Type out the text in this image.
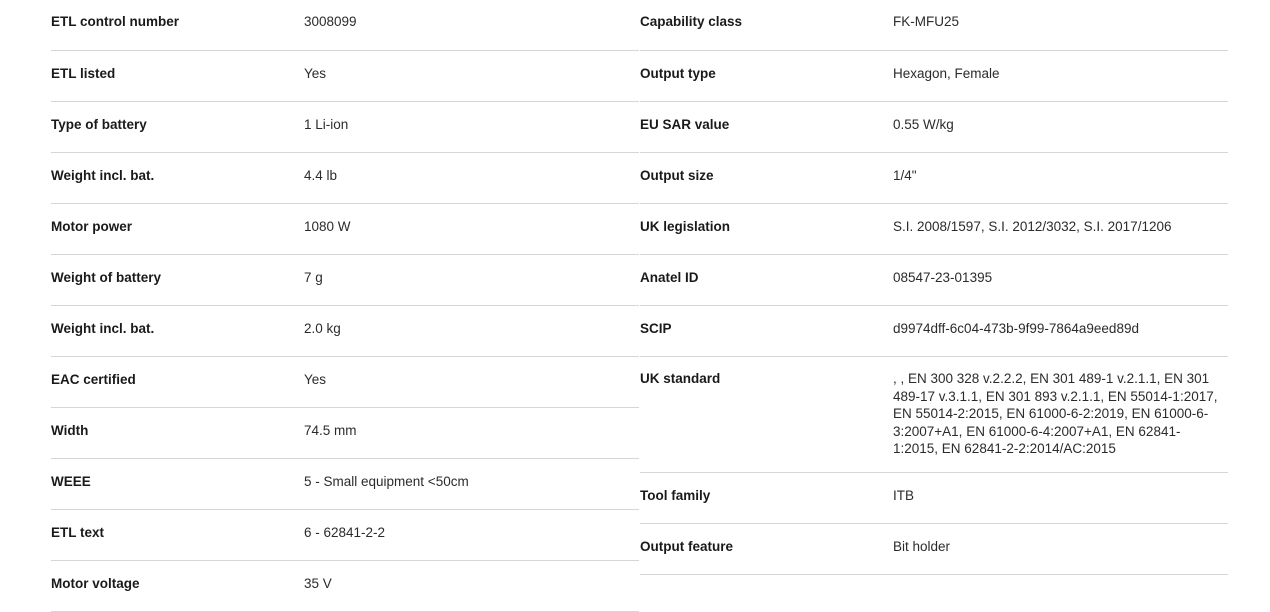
ETL control number	3008099
ETL listed	Yes
Type of battery	1 Li-ion
Weight incl. bat.	4.4 lb
Motor power	1080 W
Weight of battery	7 g
Weight incl. bat.	2.0 kg
EAC certified	Yes
Width	74.5 mm
WEEE	5 - Small equipment <50cm
ETL text	6 - 62841-2-2
Motor voltage	35 V
Capability class	FK-MFU25
Output type	Hexagon, Female
EU SAR value	0.55 W/kg
Output size	1/4"
UK legislation	S.I. 2008/1597, S.I. 2012/3032, S.I. 2017/1206
Anatel ID	08547-23-01395
SCIP	d9974dff-6c04-473b-9f99-7864a9eed89d
UK standard	, , EN 300 328 v.2.2.2, EN 301 489-1 v.2.1.1, EN 301 489-17 v.3.1.1, EN 301 893 v.2.1.1, EN 55014-1:2017, EN 55014-2:2015, EN 61000-6-2:2019, EN 61000-6-3:2007+A1, EN 61000-6-4:2007+A1, EN 62841-1:2015, EN 62841-2-2:2014/AC:2015
Tool family	ITB
Output feature	Bit holder
